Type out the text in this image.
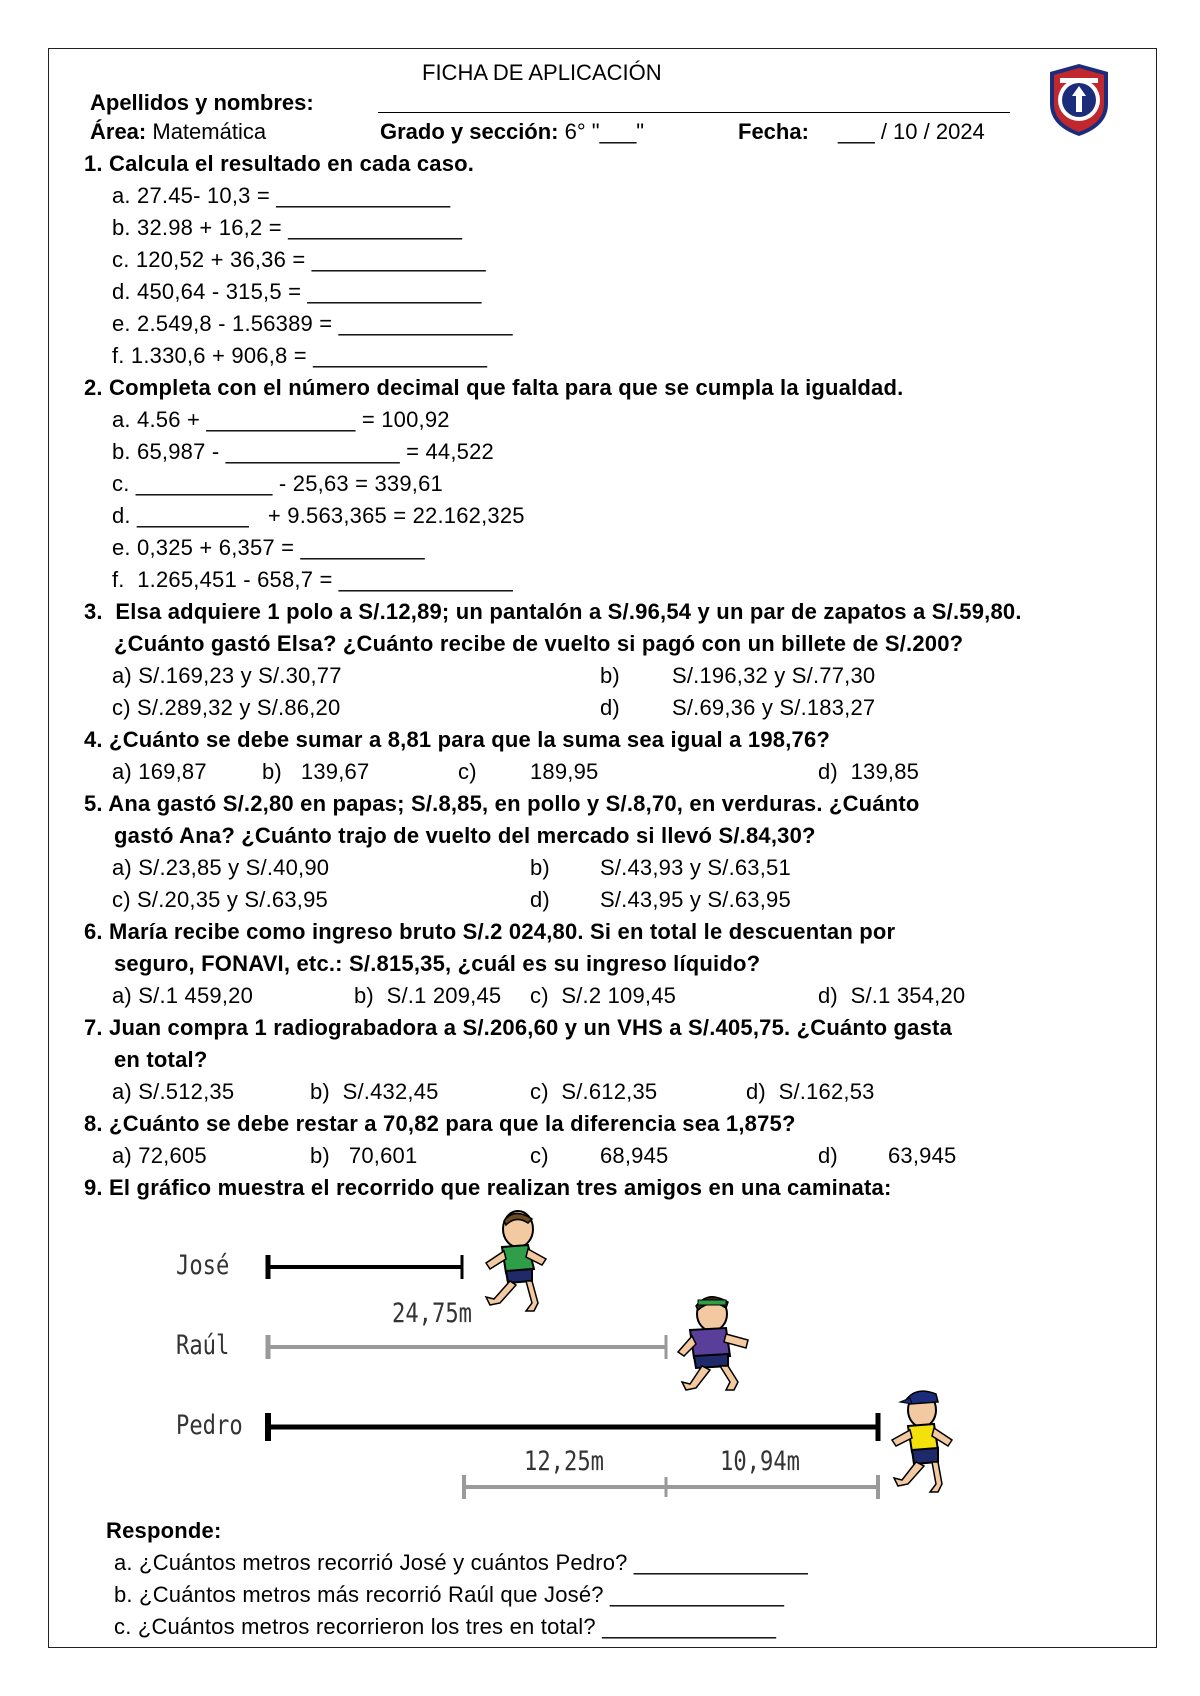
FICHA DE APLICACIÓN
Apellidos y nombres:
Área: Matemática	Grado y sección: 6° "___"	Fecha: ___ / 10 / 2024
1. Calcula el resultado en cada caso.
a. 27.45- 10,3 = ______________
b. 32.98 + 16,2 = ______________
c. 120,52 + 36,36 = ______________
d. 450,64 - 315,5 = ______________
e. 2.549,8 - 1.56389 = ______________
f. 1.330,6 + 906,8 = ______________
2. Completa con el número decimal que falta para que se cumpla la igualdad.
a. 4.56 + ____________ = 100,92
b. 65,987 - ______________ = 44,522
c. ___________ - 25,63 = 339,61
d. _________   + 9.563,365 = 22.162,325
e. 0,325 + 6,357 = __________
f.  1.265,451 - 658,7 = ______________
3.  Elsa adquiere 1 polo a S/.12,89; un pantalón a S/.96,54 y un par de zapatos a S/.59,80.
¿Cuánto gastó Elsa? ¿Cuánto recibe de vuelto si pagó con un billete de S/.200?
a) S/.169,23 y S/.30,77	b) S/.196,32 y S/.77,30
c) S/.289,32 y S/.86,20	d) S/.69,36 y S/.183,27
4. ¿Cuánto se debe sumar a 8,81 para que la suma sea igual a 198,76?
a) 169,87	b)   139,67	c) 189,95	d)  139,85
5. Ana gastó S/.2,80 en papas; S/.8,85, en pollo y S/.8,70, en verduras. ¿Cuánto
gastó Ana? ¿Cuánto trajo de vuelto del mercado si llevó S/.84,30?
a) S/.23,85 y S/.40,90	b) S/.43,93 y S/.63,51
c) S/.20,35 y S/.63,95	d) S/.43,95 y S/.63,95
6. María recibe como ingreso bruto S/.2 024,80. Si en total le descuentan por
seguro, FONAVI, etc.: S/.815,35, ¿cuál es su ingreso líquido?
a) S/.1 459,20	b)  S/.1 209,45 c)  S/.2 109,45	d)  S/.1 354,20
7. Juan compra 1 radiograbadora a S/.206,60 y un VHS a S/.405,75. ¿Cuánto gasta
en total?
a) S/.512,35	b)  S/.432,45	c)  S/.612,35	d)  S/.162,53
8. ¿Cuánto se debe restar a 70,82 para que la diferencia sea 1,875?
a) 72,605	b)   70,601	c) 68,945	d) 63,945
9. El gráfico muestra el recorrido que realizan tres amigos en una caminata:
José
Raúl
Pedro
24,75m
12,25m	10,94m
Responde:
a. ¿Cuántos metros recorrió José y cuántos Pedro? ______________
b. ¿Cuántos metros más recorrió Raúl que José? ______________
c. ¿Cuántos metros recorrieron los tres en total? ______________
